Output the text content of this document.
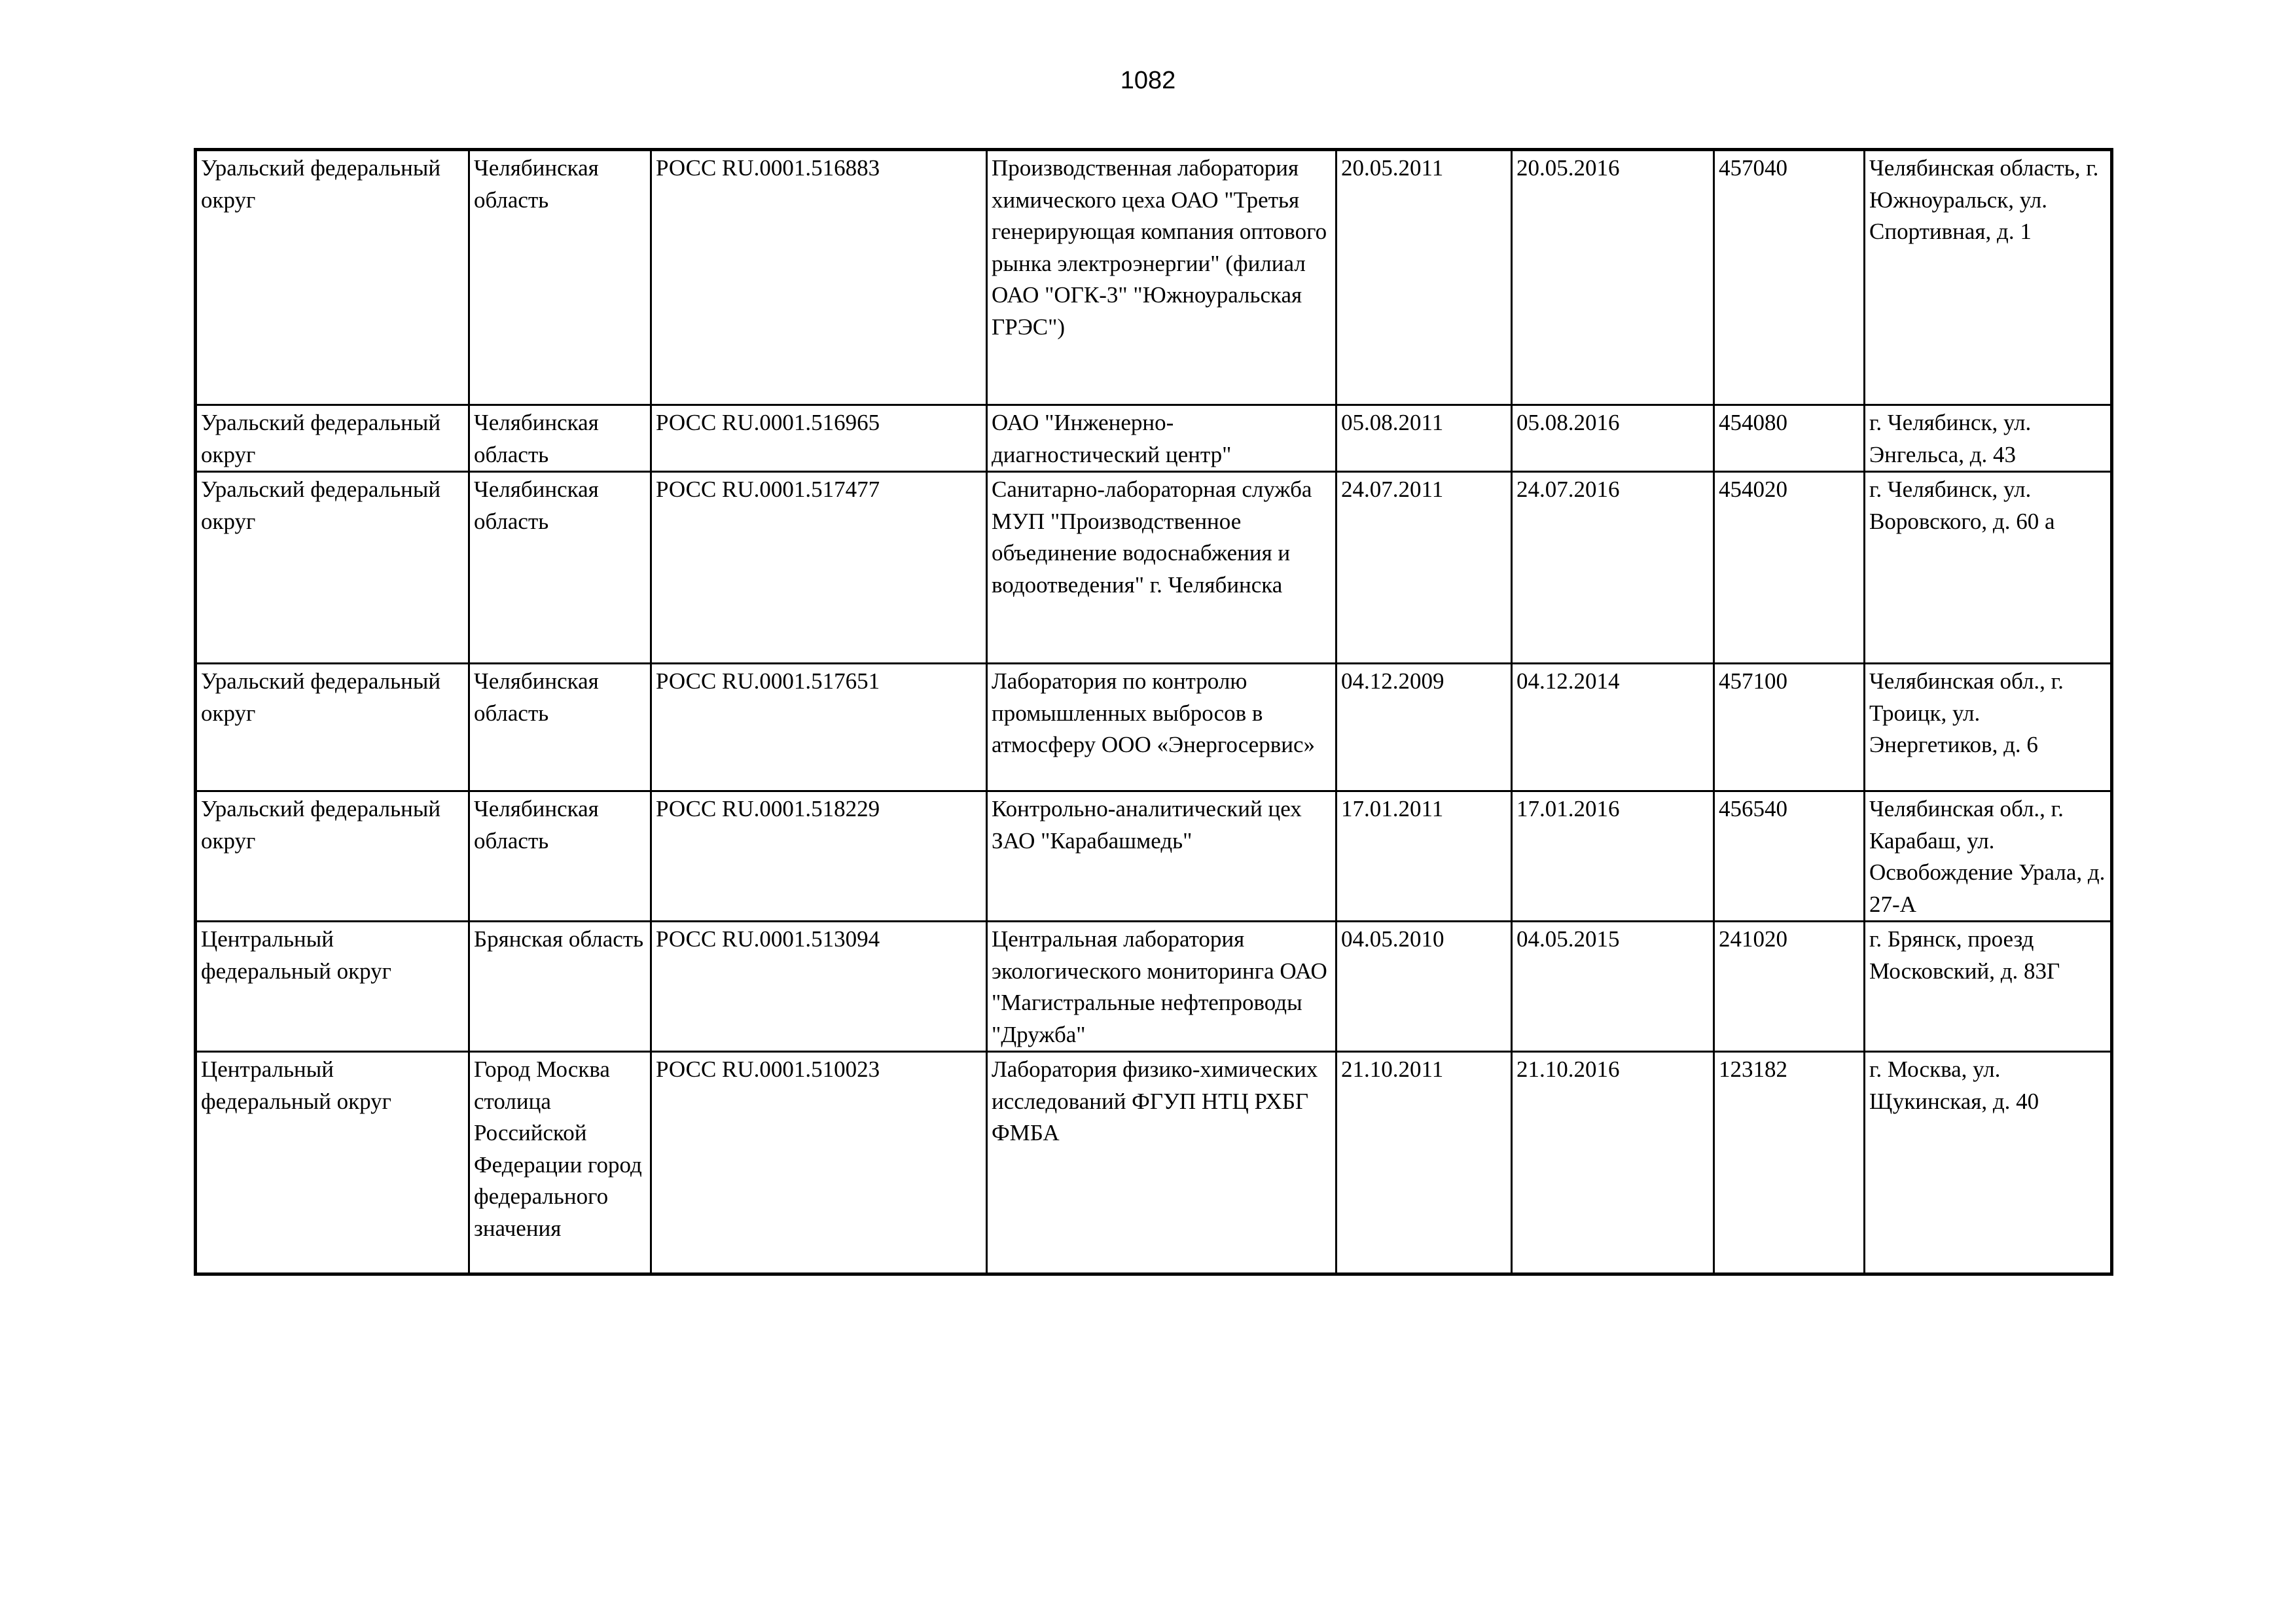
1082
Уральский федеральный округ	Челябинская область	РОСС RU.0001.516883	Производственная лаборатория химического цеха ОАО "Третья генерирующая компания оптового рынка электроэнергии" (филиал ОАО "ОГК-3" "Южноуральская ГРЭС")	20.05.2011	20.05.2016	457040	Челябинская область, г. Южноуральск, ул. Спортивная, д. 1
Уральский федеральный округ	Челябинская область	РОСС RU.0001.516965	ОАО "Инженерно-диагностический центр"	05.08.2011	05.08.2016	454080	г. Челябинск, ул. Энгельса, д. 43
Уральский федеральный округ	Челябинская область	РОСС RU.0001.517477	Санитарно-лабораторная служба МУП "Производственное объединение водоснабжения и водоотведения" г. Челябинска	24.07.2011	24.07.2016	454020	г. Челябинск, ул. Воровского, д. 60 а
Уральский федеральный округ	Челябинская область	РОСС RU.0001.517651	Лаборатория по контролю промышленных выбросов в атмосферу ООО «Энергосервис»	04.12.2009	04.12.2014	457100	Челябинская обл., г. Троицк, ул. Энергетиков, д. 6
Уральский федеральный округ	Челябинская область	РОСС RU.0001.518229	Контрольно-аналитический цех ЗАО "Карабашмедь"	17.01.2011	17.01.2016	456540	Челябинская обл., г. Карабаш, ул. Освобождение Урала, д. 27-А
Центральный федеральный округ	Брянская область	РОСС RU.0001.513094	Центральная лаборатория экологического мониторинга ОАО "Магистральные нефтепроводы "Дружба"	04.05.2010	04.05.2015	241020	г. Брянск, проезд Московский, д. 83Г
Центральный федеральный округ	Город Москва столица Российской Федерации город федерального значения	РОСС RU.0001.510023	Лаборатория физико-химических исследований ФГУП НТЦ РХБГ ФМБА	21.10.2011	21.10.2016	123182	г. Москва, ул. Щукинская, д. 40
